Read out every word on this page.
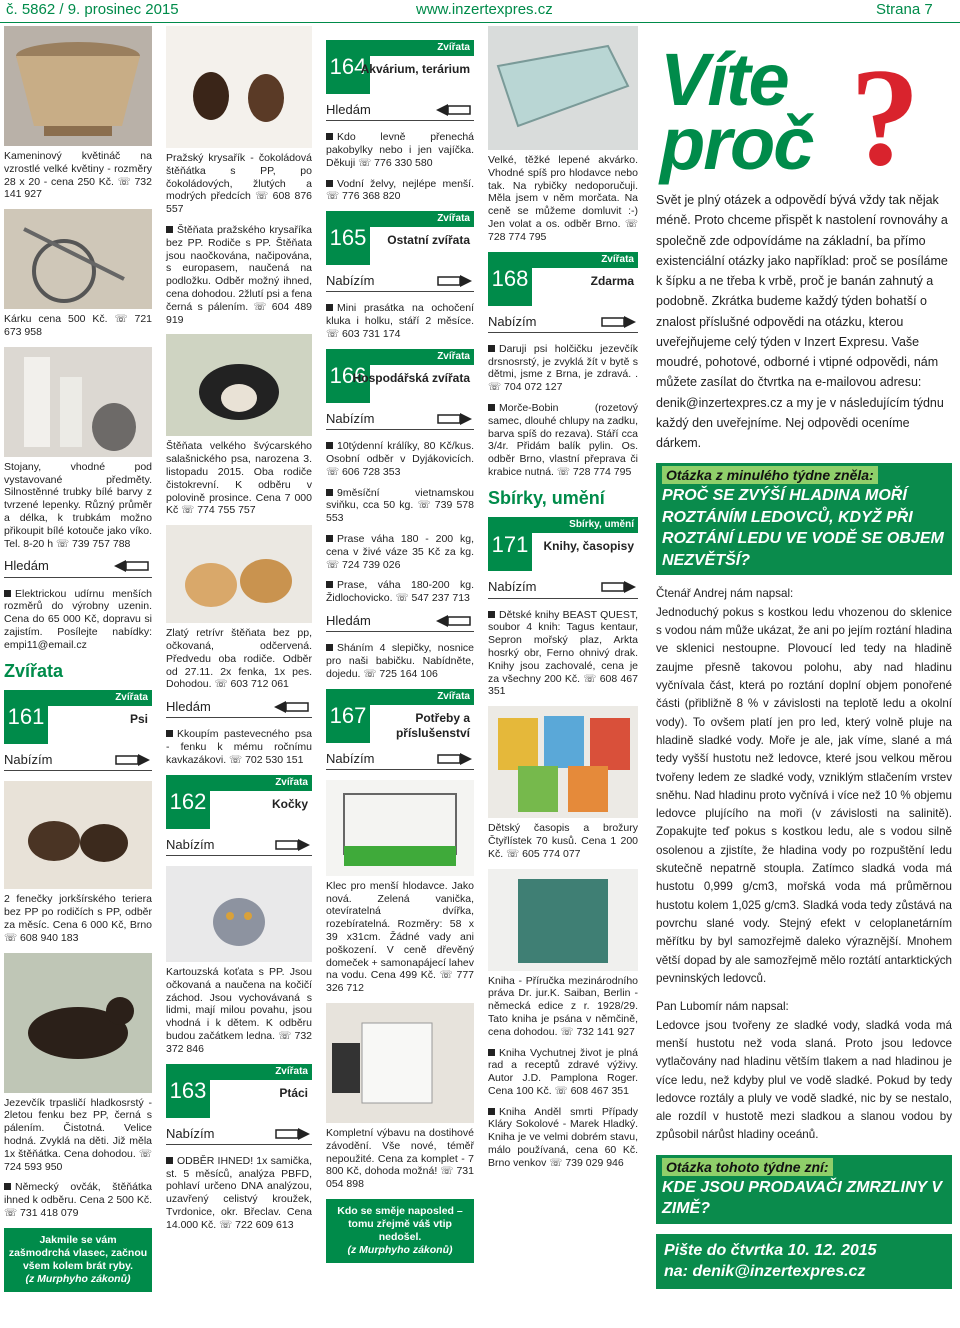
č. 5862 / 9. prosinec 2015	www.inzertexpres.cz	Strana 7

Kameninový květináč na vzrostlé velké květiny - rozměry 28 x 20 - cena 250 Kč. ☏ 732 141 927

Kárku cena 500 Kč. ☏ 721 673 958

Stojany, vhodné pod vystavované předměty. Silnostěnné trubky bílé barvy z tvrzené lepenky. Různý průměr a délka, k trubkám možno přikoupit bílé kotouče jako víko. Tel. 8-20 h ☏ 739 757 788

Hledám

Elektrickou udírnu menších rozměrů do výrobny uzenin. Cena do 65 000 Kč, dopravu si zajistím. Posílejte nabídky: empi11@email.cz

Zvířata
161
Zvířata
Psi
Nabízím

2 fenečky jorkšírského teriera bez PP po rodičích s PP, odběr za měsíc. Cena 6 000 Kč, Brno ☏ 608 940 183

Jezevčík trpasličí hladkosrstý - 2letou fenku bez PP, černá s pálením. Čistotná. Velice hodná. Zvyklá na děti. Již měla 1x štěňátka. Cena dohodou. ☏ 724 593 950

Německý ovčák, štěňátka ihned k odběru. Cena 2 500 Kč. ☏ 731 418 079

Jakmile se vám zašmodrchá vlasec, začnou všem kolem brát ryby.
(z Murphyho zákonů)

Pražský krysařík - čokoládová štěňátka s PP, po čokoládových, žlutých a modrých předcích ☏ 608 876 557

Štěňata pražského krysaříka bez PP. Rodiče s PP. Štěňata jsou naočkována, načipována, s europasem, naučená na podložku. Odběr možný ihned, cena dohodou. 2žlutí psi a fena černá s pálením. ☏ 604 489 919

Štěňata velkého švýcarského salašnického psa, narozena 3. listopadu 2015. Oba rodiče čistokrevní. K odběru v polovině prosince. Cena 7 000 Kč ☏ 774 755 757

Zlatý retrívr štěňata bez pp, očkovaná, odčervená. Předvedu oba rodiče. Odběr od 27.11. 2x fenka, 1x pes. Dohodou. ☏ 603 712 061

Hledám

Kkoupím pastevecného psa - fenku k mému ročnímu kavkazákovi. ☏ 702 530 151

162
Zvířata
Kočky
Nabízím

Kartouzská koťata s PP. Jsou očkovaná a naučena na kočičí záchod. Jsou vychovávaná s lidmi, mají milou povahu, jsou vhodná i k dětem. K odběru budou začátkem ledna. ☏ 732 372 846

163
Zvířata
Ptáci
Nabízím

ODBĚR IHNED! 1x samička, st. 5 měsíců, analýza PBFD, pohlaví určeno DNA analýzou, uzavřený celistvý kroužek, Tvrdonice, okr. Břeclav. Cena 14.000 Kč. ☏ 722 609 613

164
Zvířata
Akvárium, terárium
Hledám

Kdo levně přenechá pakobylky nebo i jen vajíčka. Děkuji ☏ 776 330 580

Vodní želvy, nejlépe menší. ☏ 776 368 820

165
Zvířata
Ostatní zvířata
Nabízím

Mini prasátka na ochočení kluka i holku, stáří 2 měsíce. ☏ 603 731 174

166
Zvířata
Hospodářská zvířata
Nabízím

10týdenní králíky, 80 Kč/kus. Osobní odběr v Dyjákovicích. ☏ 606 728 353

9měsíční vietnamskou sviňku, cca 50 kg. ☏ 739 578 553

Prase váha 180 - 200 kg, cena v živé váze 35 Kč za kg. ☏ 724 739 026

Prase, váha 180-200 kg. Židlochovicko. ☏ 547 237 713

Hledám

Sháním 4 slepičky, nosnice pro naši babičku. Nabídněte, dojedu. ☏ 725 164 106

167
Zvířata
Potřeby a příslušenství
Nabízím

Klec pro menší hlodavce. Jako nová. Zelená vanička, otevíratelná dvířka, rozebíratelná. Rozměry: 58 x 39 x31cm. Žádné vady ani poškození. V ceně dřevěný domeček + samonapájecí lahev na vodu. Cena 499 Kč. ☏ 777 326 712

Kompletní výbavu na dostihové závodění. Vše nové, téměř nepoužité. Cena za komplet - 7 800 Kč, dohoda možná! ☏ 731 054 898

Kdo se směje naposled – tomu zřejmě váš vtip nedošel.
(z Murphyho zákonů)

Velké, těžké lepené akvárko. Vhodné spíš pro hlodavce nebo tak. Na rybičky nedoporučuji. Měla jsem v něm morčata. Na ceně se můžeme domluvit :-) Jen volat a os. odběr Brno. ☏ 728 774 795

168
Zvířata
Zdarma
Nabízím

Daruji psi holčičku jezevčík drsnosrstý, je zvyklá žít v bytě s dětmi, jsme z Brna, je zdravá. . ☏ 704 072 127

Morče-Bobin (rozetový samec, dlouhé chlupy na zadku, barva spíš do rezava). Stáří cca 3/4r. Přidám balík pylin. Os. odběr Brno, vlastní přeprava či krabice nutná. ☏ 728 774 795

Sbírky, umění
171
Sbírky, umění
Knihy, časopisy
Nabízím

Dětské knihy BEAST QUEST, soubor 4 knih: Tagus kentaur, Sepron mořský plaz, Arkta hosrký obr, Ferno ohnivý drak. Knihy jsou zachovalé, cena je za všechny 200 Kč. ☏ 608 467 351

Dětský časopis a brožury Čtyřlístek 70 kusů. Cena 1 200 Kč. ☏ 605 774 077

Kniha - Příručka mezinárodního práva Dr. jur.K. Saiban, Berlin - německá edice z r. 1928/29. Tato kniha je psána v němčině, cena dohodou. ☏ 732 141 927

Kniha Vychutnej život je plná rad a receptů zdravé výživy. Autor J.D. Pamplona Roger. Cena 100 Kč. ☏ 608 467 351

Kniha Anděl smrti Případy Kláry Sokolové - Marek Hladký. Kniha je ve velmi dobrém stavu, málo používaná, cena 60 Kč. Brno venkov ☏ 739 029 946

Víte
proč ?

Svět je plný otázek a odpovědí bývá vždy tak nějak méně. Proto chceme přispět k nastolení rovnováhy a společně zde odpovídáme na základní, ba přímo existenciální otázky jako například: proč se posíláme k šípku a ne třeba k vrbě, proč je banán zahnutý a podobně. Zkrátka budeme každý týden bohatší o znalost příslušné odpovědi na otázku, kterou uveřejňujeme celý týden v Inzert Expresu. Vaše moudré, pohotové, odborné i vtipné odpovědi, nám můžete zasílat do čtvrtka na e-mailovou adresu: denik@inzertexpres.cz a my je v následujícím týdnu každý den uveřejníme. Nej odpovědi oceníme dárkem.

Otázka z minulého týdne zněla:
PROČ SE ZVÝŠÍ HLADINA MOŘÍ ROZTÁNÍM LEDOVCŮ, KDYŽ PŘI ROZTÁNÍ LEDU VE VODĚ SE OBJEM NEZVĚTŠÍ?

Čtenář Andrej nám napsal:

Jednoduchý pokus s kostkou ledu vhozenou do sklenice s vodou nám může ukázat, že ani po jejím roztání hladina ve sklenici nestoupne. Plovoucí led tedy na hladině zaujme přesně takovou polohu, aby nad hladinu vyčnívala část, která po roztání doplní objem ponořené části (přibližně 8 % v závislosti na teplotě ledu a okolní vody). To ovšem platí jen pro led, který volně pluje na hladině sladké vody. Moře je ale, jak víme, slané a má tedy vyšší hustotu než ledovce, které jsou velkou měrou tvořeny ledem ze sladké vody, vzniklým stlačením vrstev sněhu. Nad hladinu proto vyčnívá i více než 10 % objemu ledovce plujícího na moři (v závislosti na salinitě). Zopakujte teď pokus s kostkou ledu, ale s vodou silně osolenou a zjistíte, že hladina vody po rozpuštění ledu skutečně nepatrně stoupla. Zatímco sladká voda má hustotu 0,999 g/cm3, mořská voda má průměrnou hustotu kolem 1,025 g/cm3. Sladká voda tedy zůstává na povrchu slané vody. Stejný efekt v celoplanetárním měřítku by byl samozřejmě daleko výraznější. Mnohem větší dopad by ale samozřejmě mělo roztátí antarktických pevninských ledovců.

Pan Lubomír nám napsal:

Ledovce jsou tvořeny ze sladké vody, sladká voda má menší hustotu než voda slaná. Proto jsou ledovce vytlačovány nad hladinu větším tlakem a nad hladinou je více ledu, než kdyby plul ve vodě sladké. Pokud by tedy ledovce roztály a pluly ve vodě sladké, nic by se nestalo, ale rozdíl v hustotě mezi sladkou a slanou vodou by způsobil nárůst hladiny oceánů.

Otázka tohoto týdne zní:
KDE JSOU PRODAVAČI ZMRZLINY V ZIMĚ?
Pište do čtvrtka 10. 12. 2015
na: denik@inzertexpres.cz
